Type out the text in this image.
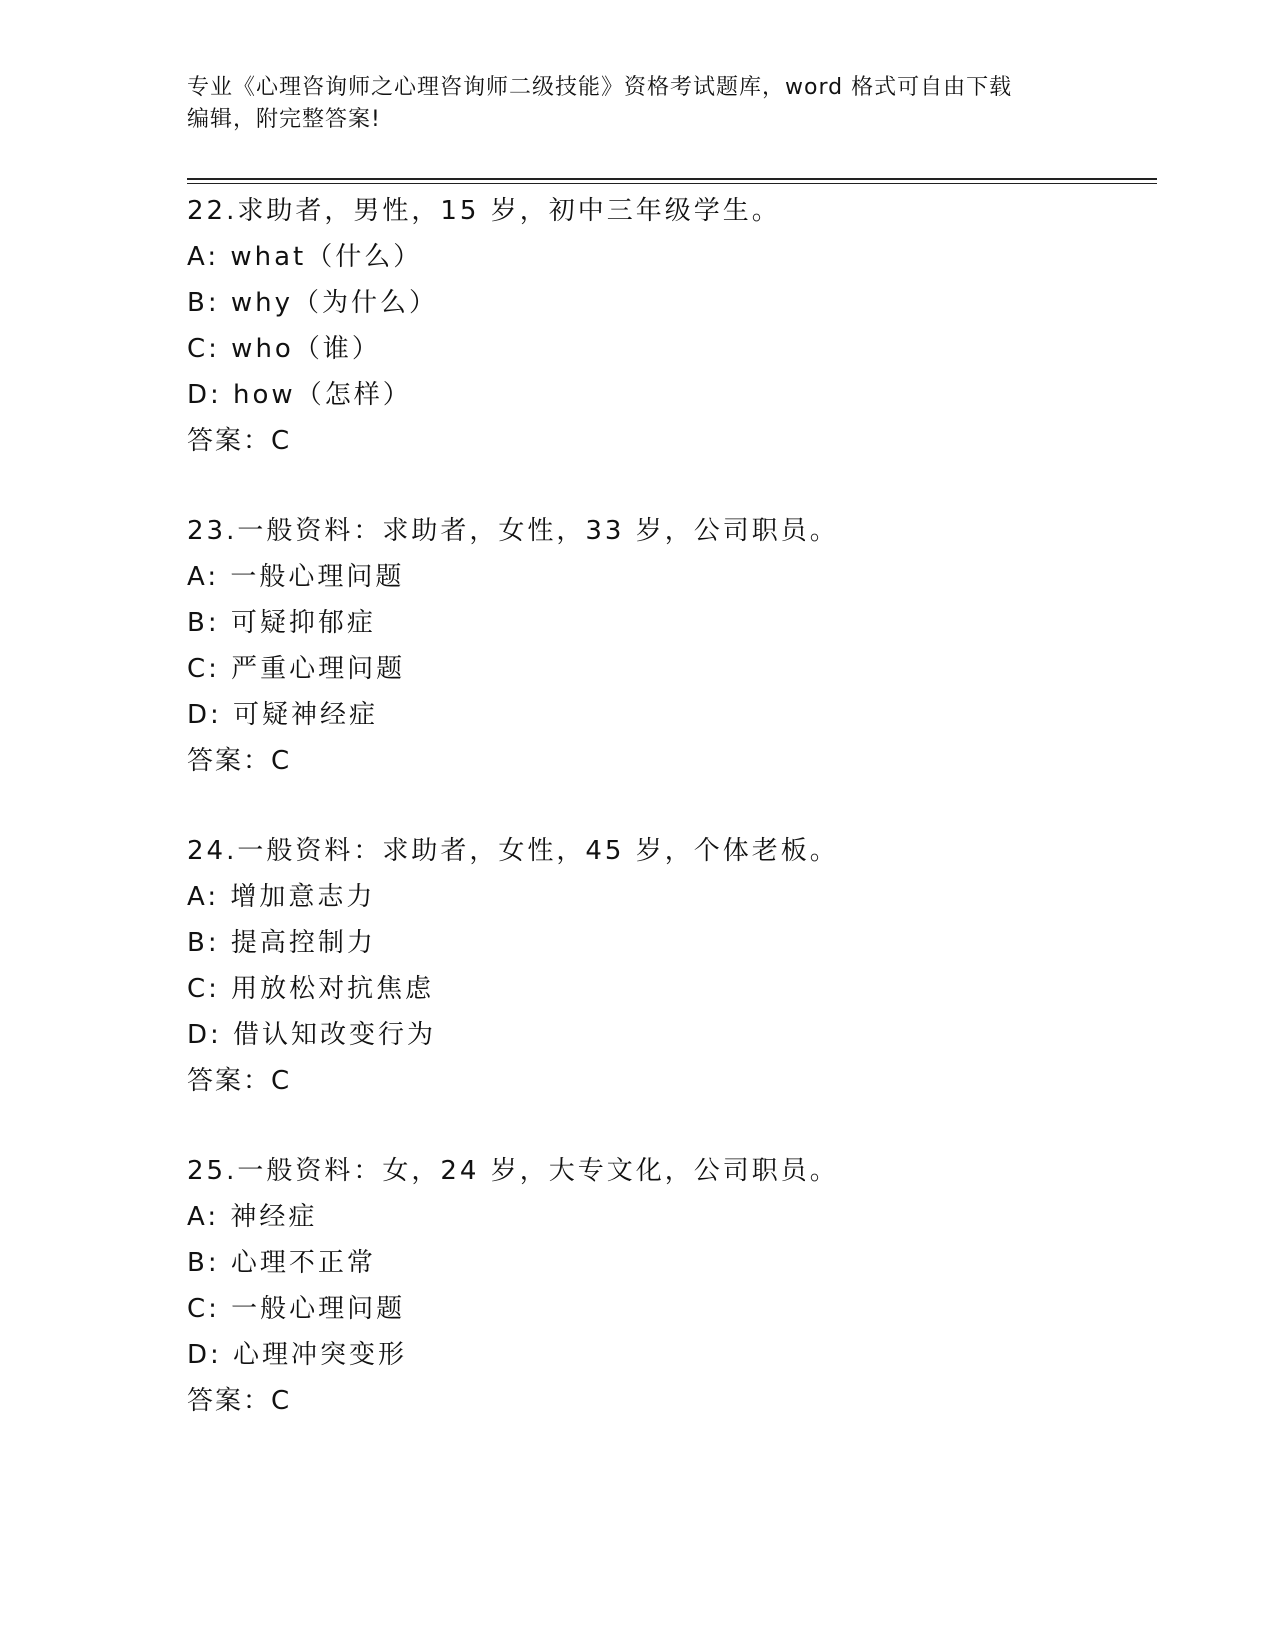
专业《心理咨询师之心理咨询师二级技能》资格考试题库，word 格式可自由下载
编辑，附完整答案!
22.求助者，男性，15 岁，初中三年级学生。
A: what（什么）
B: why（为什么）
C: who（谁）
D: how（怎样）
答案：C
23.一般资料：求助者，女性，33 岁，公司职员。
A: 一般心理问题
B: 可疑抑郁症
C: 严重心理问题
D: 可疑神经症
答案：C
24.一般资料：求助者，女性，45 岁，个体老板。
A: 增加意志力
B: 提高控制力
C: 用放松对抗焦虑
D: 借认知改变行为
答案：C
25.一般资料：女，24 岁，大专文化，公司职员。
A: 神经症
B: 心理不正常
C: 一般心理问题
D: 心理冲突变形
答案：C
